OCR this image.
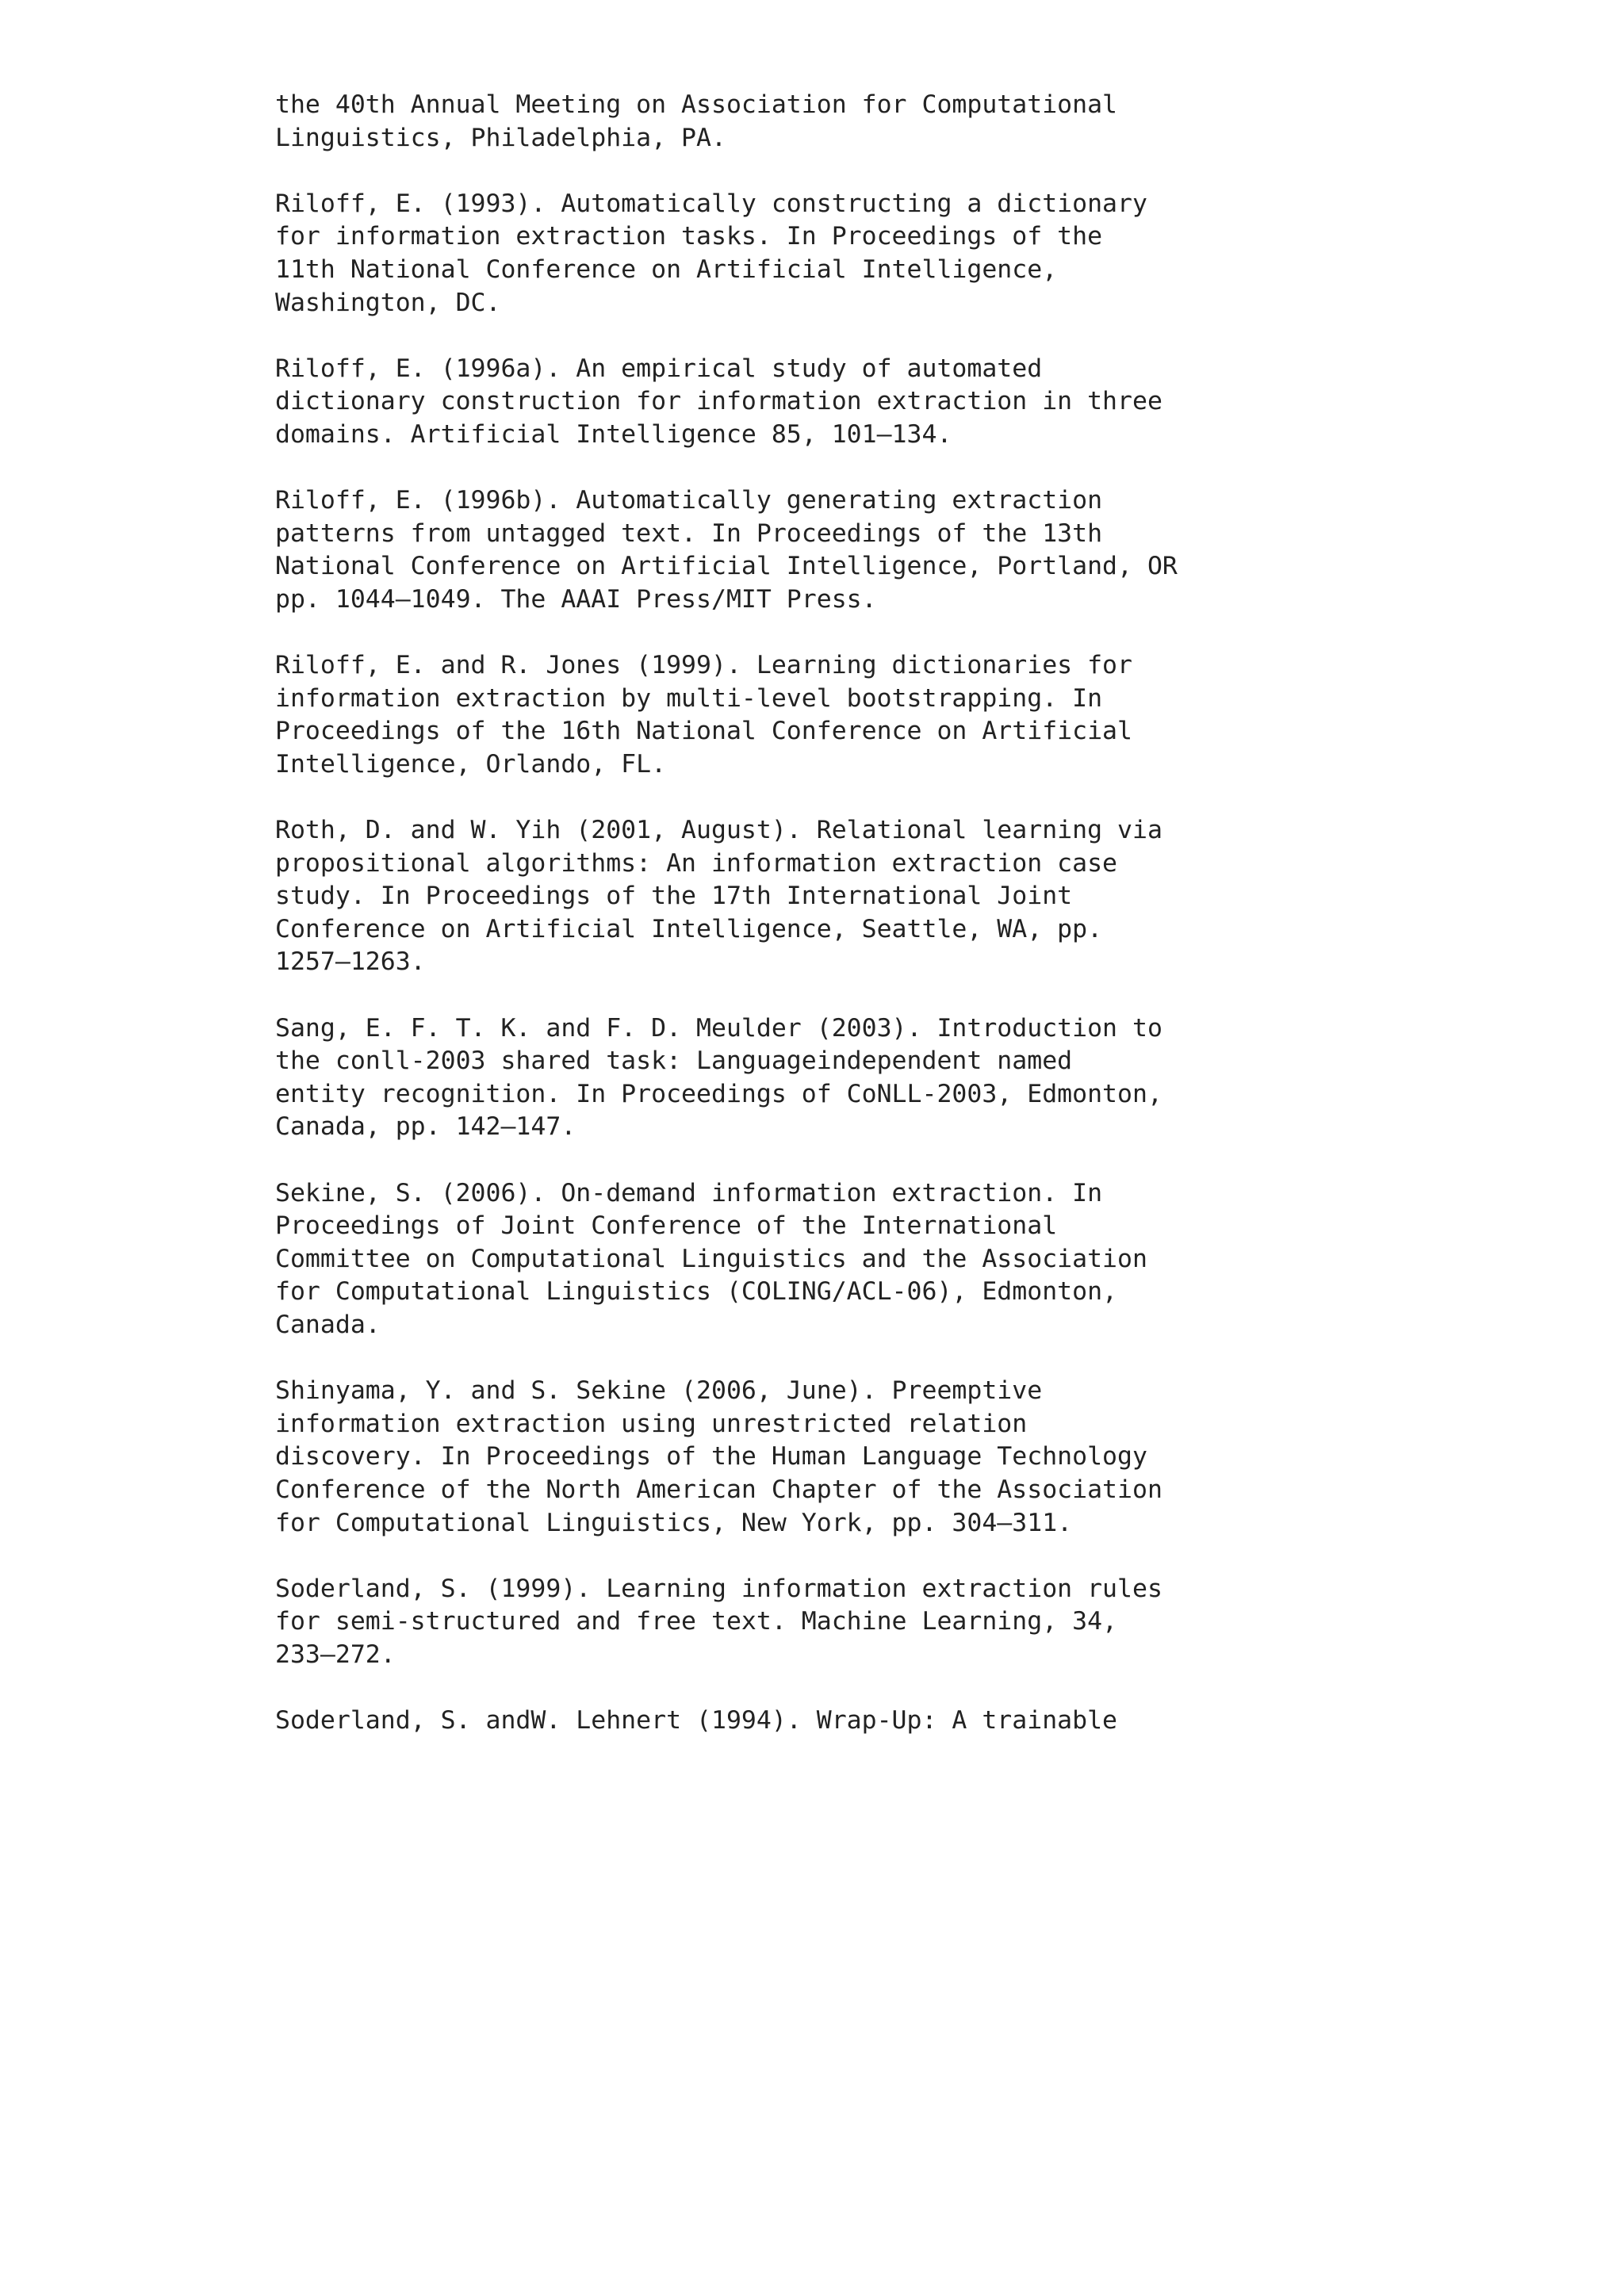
the 40th Annual Meeting on Association for Computational
Linguistics, Philadelphia, PA.
Riloff, E. (1993). Automatically constructing a dictionary
for information extraction tasks. In Proceedings of the
11th National Conference on Artificial Intelligence,
Washington, DC.
Riloff, E. (1996a). An empirical study of automated
dictionary construction for information extraction in three
domains. Artificial Intelligence 85, 101–134.
Riloff, E. (1996b). Automatically generating extraction
patterns from untagged text. In Proceedings of the 13th
National Conference on Artificial Intelligence, Portland, OR
pp. 1044–1049. The AAAI Press/MIT Press.
Riloff, E. and R. Jones (1999). Learning dictionaries for
information extraction by multi-level bootstrapping. In
Proceedings of the 16th National Conference on Artificial
Intelligence, Orlando, FL.
Roth, D. and W. Yih (2001, August). Relational learning via
propositional algorithms: An information extraction case
study. In Proceedings of the 17th International Joint
Conference on Artificial Intelligence, Seattle, WA, pp.
1257–1263.
Sang, E. F. T. K. and F. D. Meulder (2003). Introduction to
the conll-2003 shared task: Languageindependent named
entity recognition. In Proceedings of CoNLL-2003, Edmonton,
Canada, pp. 142–147.
Sekine, S. (2006). On-demand information extraction. In
Proceedings of Joint Conference of the International
Committee on Computational Linguistics and the Association
for Computational Linguistics (COLING/ACL-06), Edmonton,
Canada.
Shinyama, Y. and S. Sekine (2006, June). Preemptive
information extraction using unrestricted relation
discovery. In Proceedings of the Human Language Technology
Conference of the North American Chapter of the Association
for Computational Linguistics, New York, pp. 304–311.
Soderland, S. (1999). Learning information extraction rules
for semi-structured and free text. Machine Learning, 34,
233–272.
Soderland, S. andW. Lehnert (1994). Wrap-Up: A trainable
